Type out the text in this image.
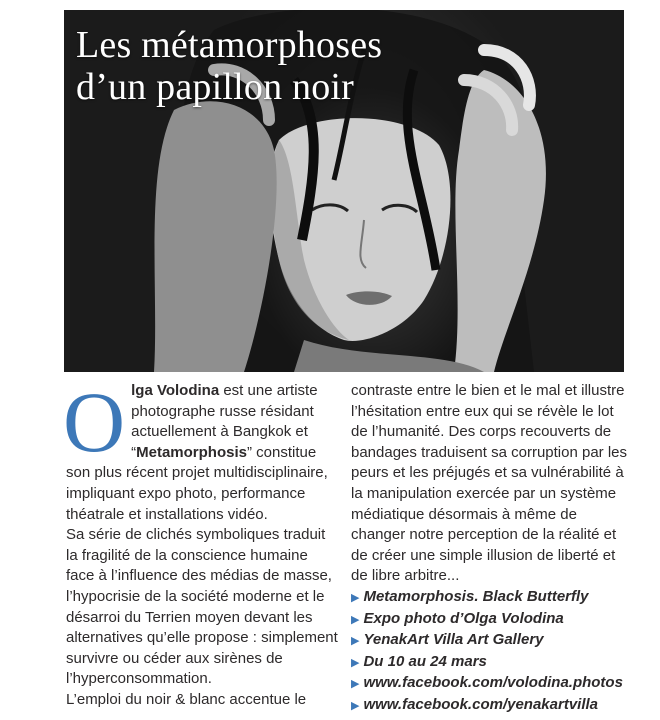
Les métamorphoses
d’un papillon noir
O lga Volodina est une artiste
photographe russe résidant
actuellement à Bangkok et
“Metamorphosis” constitue
son plus récent projet multidisciplinaire,
impliquant expo photo, performance
théatrale et installations vidéo.
Sa série de clichés symboliques traduit
la fragilité de la conscience humaine
face à l’influence des médias de masse,
l’hypocrisie de la société moderne et le
désarroi du Terrien moyen devant les
alternatives qu’elle propose : simplement
survivre ou céder aux sirènes de
l’hyperconsommation.
L’emploi du noir & blanc accentue le
contraste entre le bien et le mal et illustre
l’hésitation entre eux qui se révèle le lot
de l’humanité. Des corps recouverts de
bandages traduisent sa corruption par les
peurs et les préjugés et sa vulnérabilité à
la manipulation exercée par un système
médiatique désormais à même de
changer notre perception de la réalité et
de créer une simple illusion de liberté et
de libre arbitre...
▶ Metamorphosis. Black Butterfly
▶ Expo photo d’Olga Volodina
▶ YenakArt Villa Art Gallery
▶ Du 10 au 24 mars
▶ www.facebook.com/volodina.photos
▶ www.facebook.com/yenakartvilla
